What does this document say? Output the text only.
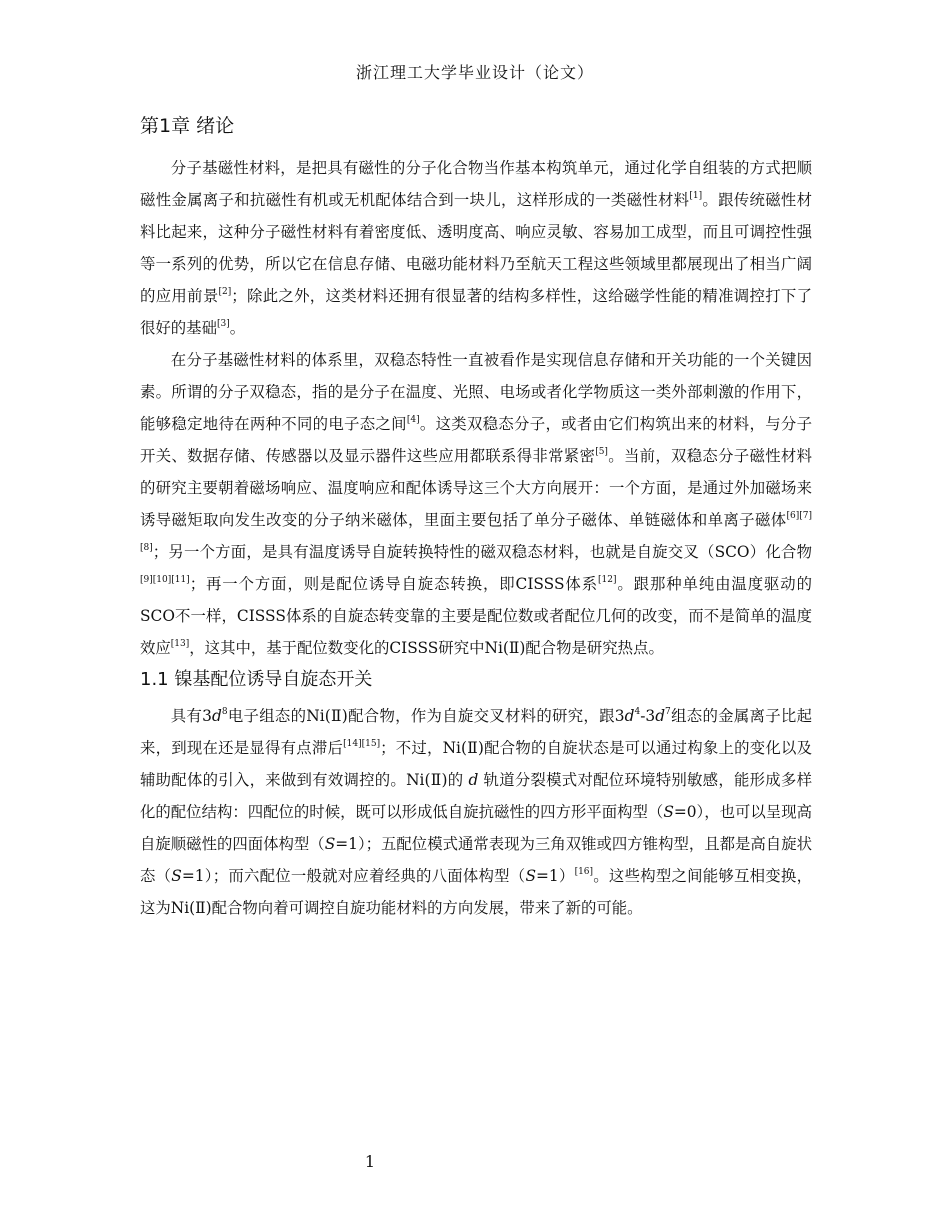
浙江理工大学毕业设计（论文）
第1章 绪论

分子基磁性材料，是把具有磁性的分子化合物当作基本构筑单元，通过化学自组装的方式把顺磁性金属离子和抗磁性有机或无机配体结合到一块儿，这样形成的一类磁性材料[1]。跟传统磁性材料比起来，这种分子磁性材料有着密度低、透明度高、响应灵敏、容易加工成型，而且可调控性强等一系列的优势，所以它在信息存储、电磁功能材料乃至航天工程这些领域里都展现出了相当广阔的应用前景[2]；除此之外，这类材料还拥有很显著的结构多样性，这给磁学性能的精准调控打下了很好的基础[3]。

在分子基磁性材料的体系里，双稳态特性一直被看作是实现信息存储和开关功能的一个关键因素。所谓的分子双稳态，指的是分子在温度、光照、电场或者化学物质这一类外部刺激的作用下，能够稳定地待在两种不同的电子态之间[4]。这类双稳态分子，或者由它们构筑出来的材料，与分子开关、数据存储、传感器以及显示器件这些应用都联系得非常紧密[5]。当前，双稳态分子磁性材料的研究主要朝着磁场响应、温度响应和配体诱导这三个大方向展开：一个方面，是通过外加磁场来诱导磁矩取向发生改变的分子纳米磁体，里面主要包括了单分子磁体、单链磁体和单离子磁体[6][7][8]；另一个方面，是具有温度诱导自旋转换特性的磁双稳态材料，也就是自旋交叉（SCO）化合物[9][10][11]；再一个方面，则是配位诱导自旋态转换，即CISSS体系[12]。跟那种单纯由温度驱动的SCO不一样，CISSS体系的自旋态转变靠的主要是配位数或者配位几何的改变，而不是简单的温度效应[13]，这其中，基于配位数变化的CISSS研究中Ni(Ⅱ)配合物是研究热点。

1.1 镍基配位诱导自旋态开关

具有$3d^8$电子组态的Ni(Ⅱ)配合物，作为自旋交叉材料的研究，跟$3d^4-3d^7$组态的金属离子比起来，到现在还是显得有点滞后[14][15]；不过，Ni(Ⅱ)配合物的自旋状态是可以通过构象上的变化以及辅助配体的引入，来做到有效调控的。Ni(Ⅱ)的 d 轨道分裂模式对配位环境特别敏感，能形成多样化的配位结构：四配位的时候，既可以形成低自旋抗磁性的四方形平面构型（S=0），也可以呈现高自旋顺磁性的四面体构型（S=1）；五配位模式通常表现为三角双锥或四方锥构型，且都是高自旋状态（S=1）；而六配位一般就对应着经典的八面体构型（S=1）[16]。这些构型之间能够互相变换，这为Ni(Ⅱ)配合物向着可调控自旋功能材料的方向发展，带来了新的可能。

1
